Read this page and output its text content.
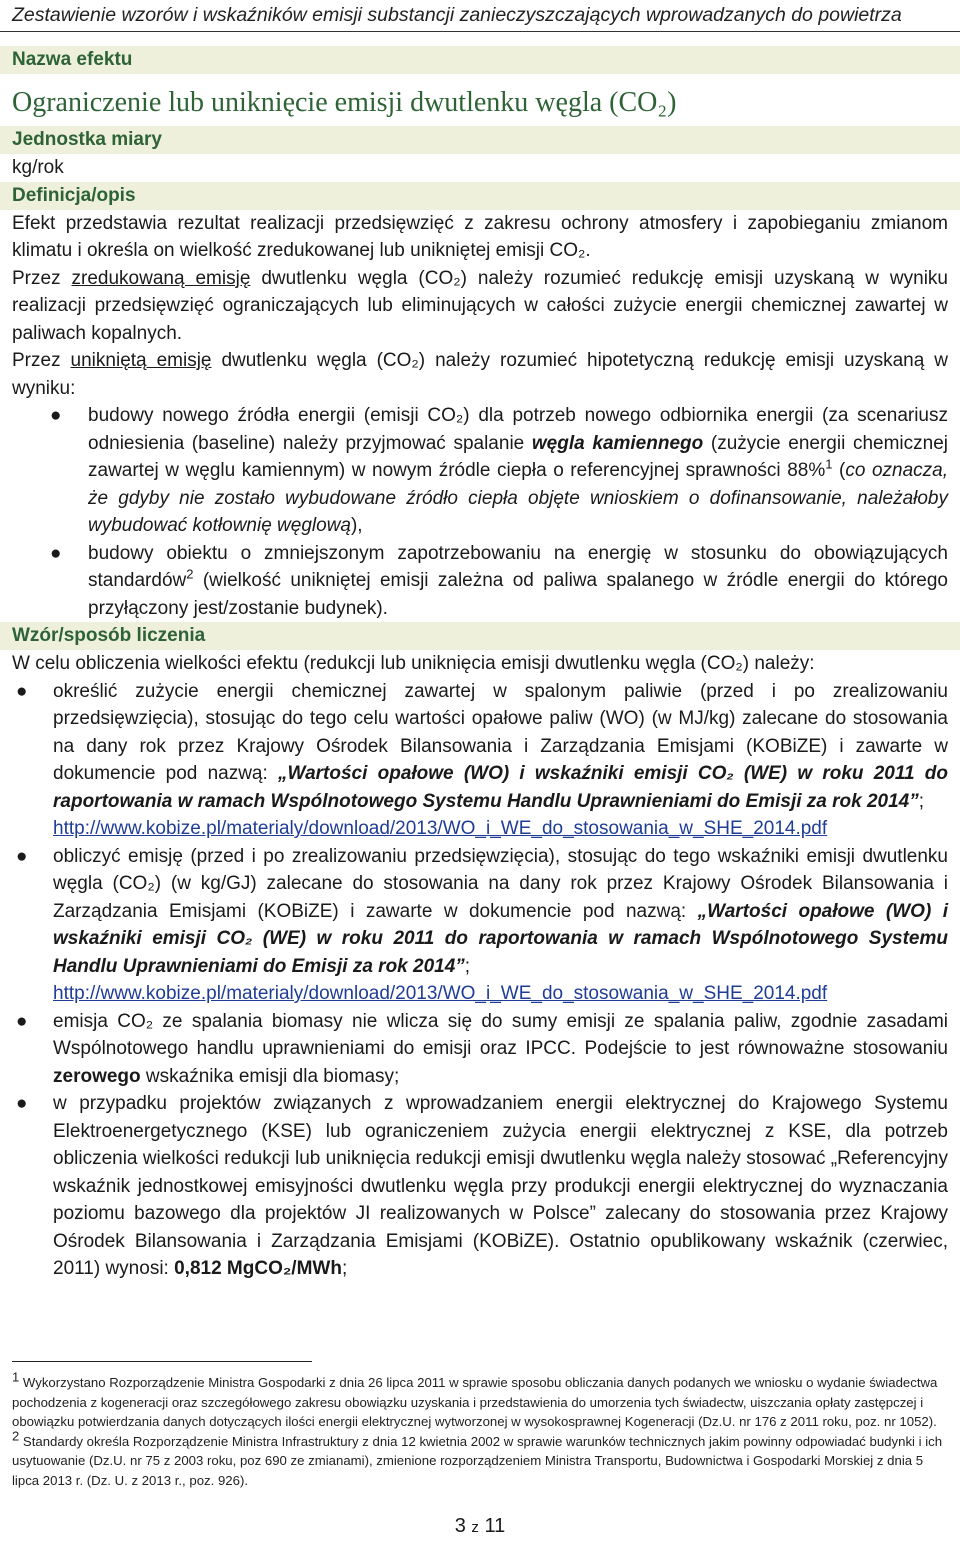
Zestawienie wzorów i wskaźników emisji substancji zanieczyszczających wprowadzanych do powietrza
Nazwa efektu
Ograniczenie lub uniknięcie emisji dwutlenku węgla (CO₂)
Jednostka miary

kg/rok

Definicja/opis

Efekt przedstawia rezultat realizacji przedsięwzięć z zakresu ochrony atmosfery i zapobieganiu zmianom klimatu i określa on wielkość zredukowanej lub unikniętej emisji CO₂.

Przez zredukowaną emisję dwutlenku węgla (CO₂) należy rozumieć redukcję emisji uzyskaną w wyniku realizacji przedsięwzięć ograniczających lub eliminujących w całości zużycie energii chemicznej zawartej w paliwach kopalnych.

Przez unikniętą emisję dwutlenku węgla (CO₂) należy rozumieć hipotetyczną redukcję emisji uzyskaną w wyniku:

● budowy nowego źródła energii (emisji CO₂) dla potrzeb nowego odbiornika energii (za scenariusz odniesienia (baseline) należy przyjmować spalanie węgla kamiennego (zużycie energii chemicznej zawartej w węglu kamiennym) w nowym źródle ciepła o referencyjnej sprawności 88%$^1$ (co oznacza, że gdyby nie zostało wybudowane źródło ciepła objęte wnioskiem o dofinansowanie, należałoby wybudować kotłownię węglową),
● budowy obiektu o zmniejszonym zapotrzebowaniu na energię w stosunku do obowiązujących standardów$^2$ (wielkość unikniętej emisji zależna od paliwa spalanego w źródle energii do którego przyłączony jest/zostanie budynek).
Wzór/sposób liczenia

W celu obliczenia wielkości efektu (redukcji lub uniknięcia emisji dwutlenku węgla (CO₂) należy:

● określić zużycie energii chemicznej zawartej w spalonym paliwie (przed i po zrealizowaniu przedsięwzięcia), stosując do tego celu wartości opałowe paliw (WO) (w MJ/kg) zalecane do stosowania na dany rok przez Krajowy Ośrodek Bilansowania i Zarządzania Emisjami (KOBiZE) i zawarte w dokumencie pod nazwą: „Wartości opałowe (WO) i wskaźniki emisji CO₂ (WE) w roku 2011 do raportowania w ramach Wspólnotowego Systemu Handlu Uprawnieniami do Emisji za rok 2014”;
http://www.kobize.pl/materialy/download/2013/WO_i_WE_do_stosowania_w_SHE_2014.pdf
● obliczyć emisję (przed i po zrealizowaniu przedsięwzięcia), stosując do tego wskaźniki emisji dwutlenku węgla (CO₂) (w kg/GJ) zalecane do stosowania na dany rok przez Krajowy Ośrodek Bilansowania i Zarządzania Emisjami (KOBiZE) i zawarte w dokumencie pod nazwą: „Wartości opałowe (WO) i wskaźniki emisji CO₂ (WE) w roku 2011 do raportowania w ramach Wspólnotowego Systemu Handlu Uprawnieniami do Emisji za rok 2014”;
http://www.kobize.pl/materialy/download/2013/WO_i_WE_do_stosowania_w_SHE_2014.pdf
● emisja CO₂ ze spalania biomasy nie wlicza się do sumy emisji ze spalania paliw, zgodnie zasadami Wspólnotowego handlu uprawnieniami do emisji oraz IPCC. Podejście to jest równoważne stosowaniu zerowego wskaźnika emisji dla biomasy;
● w przypadku projektów związanych z wprowadzaniem energii elektrycznej do Krajowego Systemu Elektroenergetycznego (KSE) lub ograniczeniem zużycia energii elektrycznej z KSE, dla potrzeb obliczenia wielkości redukcji lub uniknięcia redukcji emisji dwutlenku węgla należy stosować „Referencyjny wskaźnik jednostkowej emisyjności dwutlenku węgla przy produkcji energii elektrycznej do wyznaczania poziomu bazowego dla projektów JI realizowanych w Polsce” zalecany do stosowania przez Krajowy Ośrodek Bilansowania i Zarządzania Emisjami (KOBiZE). Ostatnio opublikowany wskaźnik (czerwiec, 2011) wynosi: 0,812 MgCO₂/MWh;

$^1$ Wykorzystano Rozporządzenie Ministra Gospodarki z dnia 26 lipca 2011 w sprawie sposobu obliczania danych podanych we wniosku o wydanie świadectwa pochodzenia z kogeneracji oraz szczegółowego zakresu obowiązku uzyskania i przedstawienia do umorzenia tych świadectw, uiszczania opłaty zastępczej i obowiązku potwierdzania danych dotyczących ilości energii elektrycznej wytworzonej w wysokosprawnej Kogeneracji (Dz.U. nr 176 z 2011 roku, poz. nr 1052).

$^2$ Standardy określa Rozporządzenie Ministra Infrastruktury z dnia 12 kwietnia 2002 w sprawie warunków technicznych jakim powinny odpowiadać budynki i ich usytuowanie (Dz.U. nr 75 z 2003 roku, poz 690 ze zmianami), zmienione rozporządzeniem Ministra Transportu, Budownictwa i Gospodarki Morskiej z dnia 5 lipca 2013 r. (Dz. U. z 2013 r., poz. 926).

3 z 11
